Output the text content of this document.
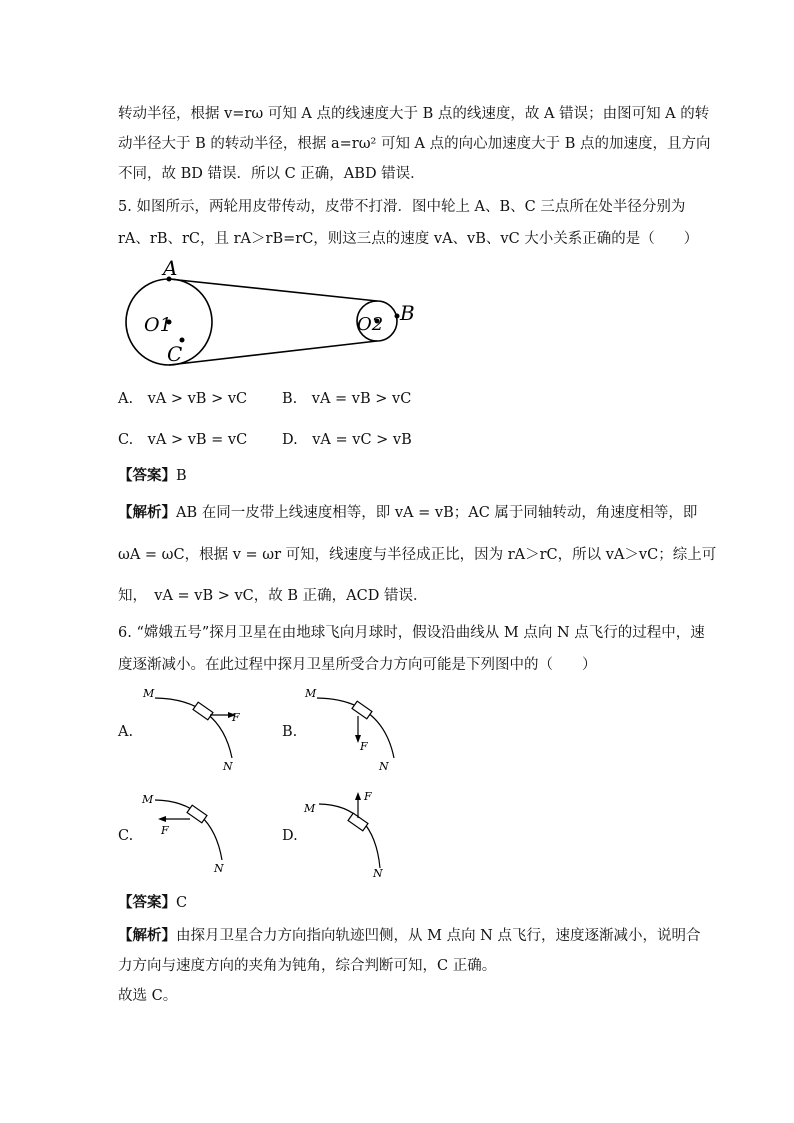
转动半径，根据 v=rω 可知 A 点的线速度大于 B 点的线速度，故 A 错误；由图可知 A 的转
动半径大于 B 的转动半径，根据 a=rω² 可知 A 点的向心加速度大于 B 点的加速度，且方向
不同，故 BD 错误．所以 C 正确，ABD 错误．
5. 如图所示，两轮用皮带传动，皮带不打滑．图中轮上 A、B、C 三点所在处半径分别为
rA、rB、rC，且 rA＞rB=rC，则这三点的速度 vA、vB、vC 大小关系正确的是（　　）
A
O1
C
O2 B
A.　vA > vB > vC B.　vA = vB > vC
C.　vA > vB = vC D.　vA = vC > vB
【答案】B
【解析】AB 在同一皮带上线速度相等，即 vA = vB；AC 属于同轴转动，角速度相等，即
ωA = ωC，根据 v = ωr 可知，线速度与半径成正比，因为 rA＞rC，所以 vA＞vC；综上可
知，　vA = vB > vC，故 B 正确，ACD 错误．
6. “嫦娥五号”探月卫星在由地球飞向月球时，假设沿曲线从 M 点向 N 点飞行的过程中，速
度逐渐减小。在此过程中探月卫星所受合力方向可能是下列图中的（　　）
A.
M
F
N
B.
M
F
N
C.
M
F
N
D.
M
F
N
【答案】C
【解析】由探月卫星合力方向指向轨迹凹侧，从 M 点向 N 点飞行，速度逐渐减小，说明合
力方向与速度方向的夹角为钝角，综合判断可知，C 正确。
故选 C。
